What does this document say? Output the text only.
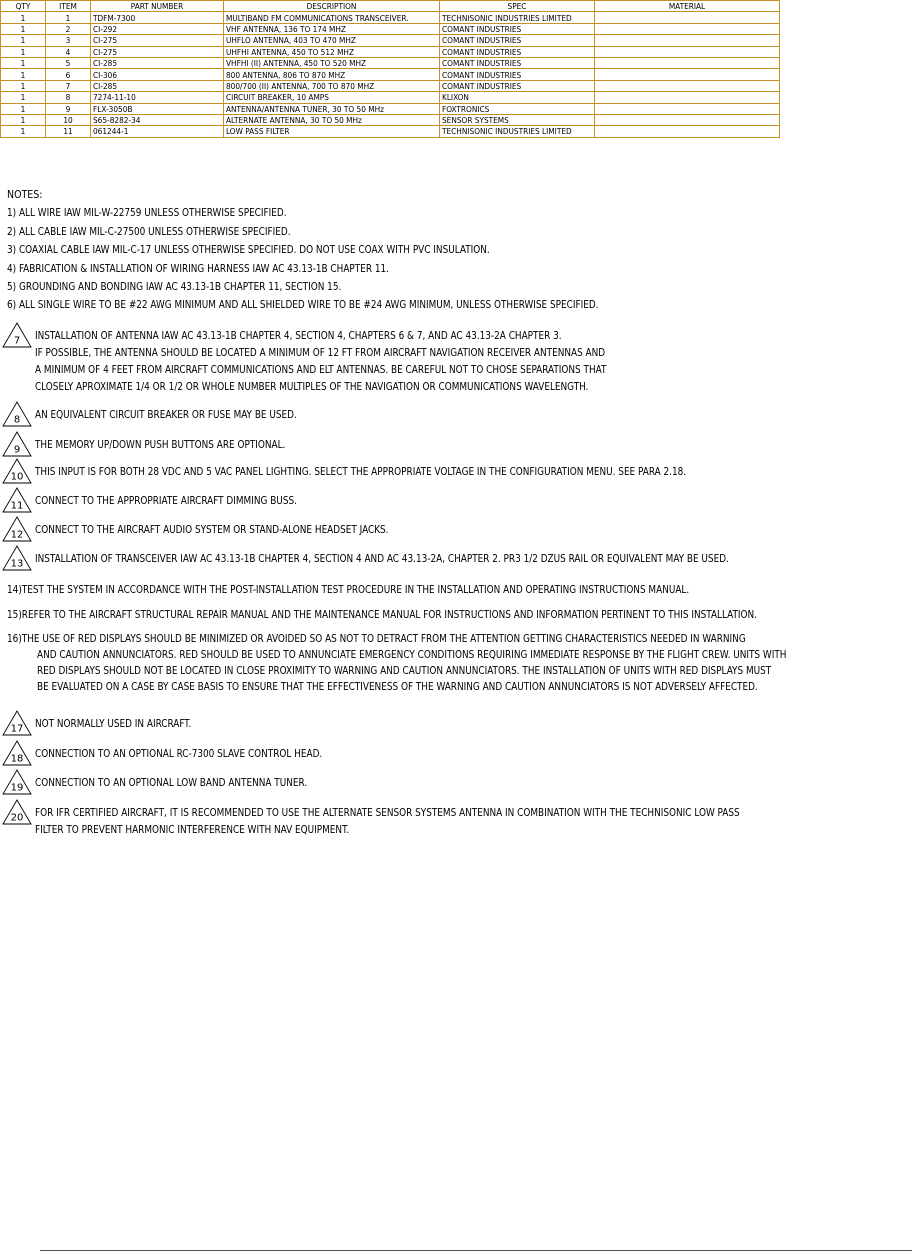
QTY	ITEM	PART NUMBER	DESCRIPTION	SPEC	MATERIAL
1	1	TDFM-7300	MULTIBAND FM COMMUNICATIONS TRANSCEIVER.	TECHNISONIC INDUSTRIES LIMITED	
1	2	CI-292	VHF ANTENNA, 136 TO 174 MHZ	COMANT INDUSTRIES	
1	3	CI-275	UHFLO ANTENNA, 403 TO 470 MHZ	COMANT INDUSTRIES	
1	4	CI-275	UHFHI ANTENNA, 450 TO 512 MHZ	COMANT INDUSTRIES	
1	5	CI-285	VHFHI (II) ANTENNA, 450 TO 520 MHZ	COMANT INDUSTRIES	
1	6	CI-306	800 ANTENNA, 806 TO 870 MHZ	COMANT INDUSTRIES	
1	7	CI-285	800/700 (II) ANTENNA, 700 TO 870 MHZ	COMANT INDUSTRIES	
1	8	7274-11-10	CIRCUIT BREAKER, 10 AMPS	KLIXON	
1	9	FLX-3050B	ANTENNA/ANTENNA TUNER, 30 TO 50 MHz	FOXTRONICS	
1	10	S65-8282-34	ALTERNATE ANTENNA, 30 TO 50 MHz	SENSOR SYSTEMS	
1	11	061244-1	LOW PASS FILTER	TECHNISONIC INDUSTRIES LIMITED	
NOTES:
1) ALL WIRE IAW MIL-W-22759 UNLESS OTHERWISE SPECIFIED.
2) ALL CABLE IAW MIL-C-27500 UNLESS OTHERWISE SPECIFIED.
3) COAXIAL CABLE IAW MIL-C-17 UNLESS OTHERWISE SPECIFIED. DO NOT USE COAX WITH PVC INSULATION.
4) FABRICATION & INSTALLATION OF WIRING HARNESS IAW AC 43.13-1B CHAPTER 11.
5) GROUNDING AND BONDING IAW AC 43.13-1B CHAPTER 11, SECTION 15.
6) ALL SINGLE WIRE TO BE #22 AWG MINIMUM AND ALL SHIELDED WIRE TO BE #24 AWG MINIMUM, UNLESS OTHERWISE SPECIFIED.
7 INSTALLATION OF ANTENNA IAW AC 43.13-1B CHAPTER 4, SECTION 4, CHAPTERS 6 & 7, AND AC 43.13-2A CHAPTER 3.
IF POSSIBLE, THE ANTENNA SHOULD BE LOCATED A MINIMUM OF 12 FT FROM AIRCRAFT NAVIGATION RECEIVER ANTENNAS AND
A MINIMUM OF 4 FEET FROM AIRCRAFT COMMUNICATIONS AND ELT ANTENNAS. BE CAREFUL NOT TO CHOSE SEPARATIONS THAT
CLOSELY APROXIMATE 1/4 OR 1/2 OR WHOLE NUMBER MULTIPLES OF THE NAVIGATION OR COMMUNICATIONS WAVELENGTH.
8 AN EQUIVALENT CIRCUIT BREAKER OR FUSE MAY BE USED.
9 THE MEMORY UP/DOWN PUSH BUTTONS ARE OPTIONAL.
10 THIS INPUT IS FOR BOTH 28 VDC AND 5 VAC PANEL LIGHTING. SELECT THE APPROPRIATE VOLTAGE IN THE CONFIGURATION MENU. SEE PARA 2.18.
11 CONNECT TO THE APPROPRIATE AIRCRAFT DIMMING BUSS.
12 CONNECT TO THE AIRCRAFT AUDIO SYSTEM OR STAND-ALONE HEADSET JACKS.
13 INSTALLATION OF TRANSCEIVER IAW AC 43.13-1B CHAPTER 4, SECTION 4 AND AC 43.13-2A, CHAPTER 2. PR3 1/2 DZUS RAIL OR EQUIVALENT MAY BE USED.
14)TEST THE SYSTEM IN ACCORDANCE WITH THE POST-INSTALLATION TEST PROCEDURE IN THE INSTALLATION AND OPERATING INSTRUCTIONS MANUAL.
15)REFER TO THE AIRCRAFT STRUCTURAL REPAIR MANUAL AND THE MAINTENANCE MANUAL FOR INSTRUCTIONS AND INFORMATION PERTINENT TO THIS INSTALLATION.
16)THE USE OF RED DISPLAYS SHOULD BE MINIMIZED OR AVOIDED SO AS NOT TO DETRACT FROM THE ATTENTION GETTING CHARACTERISTICS NEEDED IN WARNING
AND CAUTION ANNUNCIATORS. RED SHOULD BE USED TO ANNUNCIATE EMERGENCY CONDITIONS REQUIRING IMMEDIATE RESPONSE BY THE FLIGHT CREW. UNITS WITH
RED DISPLAYS SHOULD NOT BE LOCATED IN CLOSE PROXIMITY TO WARNING AND CAUTION ANNUNCIATORS. THE INSTALLATION OF UNITS WITH RED DISPLAYS MUST
BE EVALUATED ON A CASE BY CASE BASIS TO ENSURE THAT THE EFFECTIVENESS OF THE WARNING AND CAUTION ANNUNCIATORS IS NOT ADVERSELY AFFECTED.
17 NOT NORMALLY USED IN AIRCRAFT.
18 CONNECTION TO AN OPTIONAL RC-7300 SLAVE CONTROL HEAD.
19 CONNECTION TO AN OPTIONAL LOW BAND ANTENNA TUNER.
20 FOR IFR CERTIFIED AIRCRAFT, IT IS RECOMMENDED TO USE THE ALTERNATE SENSOR SYSTEMS ANTENNA IN COMBINATION WITH THE TECHNISONIC LOW PASS
FILTER TO PREVENT HARMONIC INTERFERENCE WITH NAV EQUIPMENT.
